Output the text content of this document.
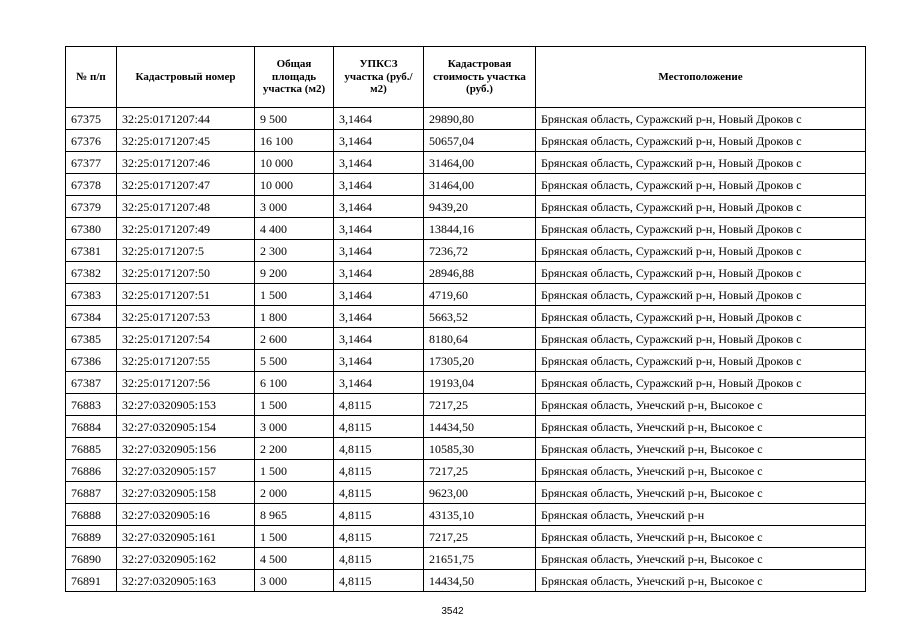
№ п/п	Кадастровый номер	Общая площадь участка (м2)	УПКСЗ участка (руб./м2)	Кадастровая стоимость участка (руб.)	Местоположение
67375	32:25:0171207:44	9 500	3,1464	29890,80	Брянская область, Суражский р-н, Новый Дроков с
67376	32:25:0171207:45	16 100	3,1464	50657,04	Брянская область, Суражский р-н, Новый Дроков с
67377	32:25:0171207:46	10 000	3,1464	31464,00	Брянская область, Суражский р-н, Новый Дроков с
67378	32:25:0171207:47	10 000	3,1464	31464,00	Брянская область, Суражский р-н, Новый Дроков с
67379	32:25:0171207:48	3 000	3,1464	9439,20	Брянская область, Суражский р-н, Новый Дроков с
67380	32:25:0171207:49	4 400	3,1464	13844,16	Брянская область, Суражский р-н, Новый Дроков с
67381	32:25:0171207:5	2 300	3,1464	7236,72	Брянская область, Суражский р-н, Новый Дроков с
67382	32:25:0171207:50	9 200	3,1464	28946,88	Брянская область, Суражский р-н, Новый Дроков с
67383	32:25:0171207:51	1 500	3,1464	4719,60	Брянская область, Суражский р-н, Новый Дроков с
67384	32:25:0171207:53	1 800	3,1464	5663,52	Брянская область, Суражский р-н, Новый Дроков с
67385	32:25:0171207:54	2 600	3,1464	8180,64	Брянская область, Суражский р-н, Новый Дроков с
67386	32:25:0171207:55	5 500	3,1464	17305,20	Брянская область, Суражский р-н, Новый Дроков с
67387	32:25:0171207:56	6 100	3,1464	19193,04	Брянская область, Суражский р-н, Новый Дроков с
76883	32:27:0320905:153	1 500	4,8115	7217,25	Брянская область, Унечский р-н, Высокое с
76884	32:27:0320905:154	3 000	4,8115	14434,50	Брянская область, Унечский р-н, Высокое с
76885	32:27:0320905:156	2 200	4,8115	10585,30	Брянская область, Унечский р-н, Высокое с
76886	32:27:0320905:157	1 500	4,8115	7217,25	Брянская область, Унечский р-н, Высокое с
76887	32:27:0320905:158	2 000	4,8115	9623,00	Брянская область, Унечский р-н, Высокое с
76888	32:27:0320905:16	8 965	4,8115	43135,10	Брянская область, Унечский р-н
76889	32:27:0320905:161	1 500	4,8115	7217,25	Брянская область, Унечский р-н, Высокое с
76890	32:27:0320905:162	4 500	4,8115	21651,75	Брянская область, Унечский р-н, Высокое с
76891	32:27:0320905:163	3 000	4,8115	14434,50	Брянская область, Унечский р-н, Высокое с
3542
